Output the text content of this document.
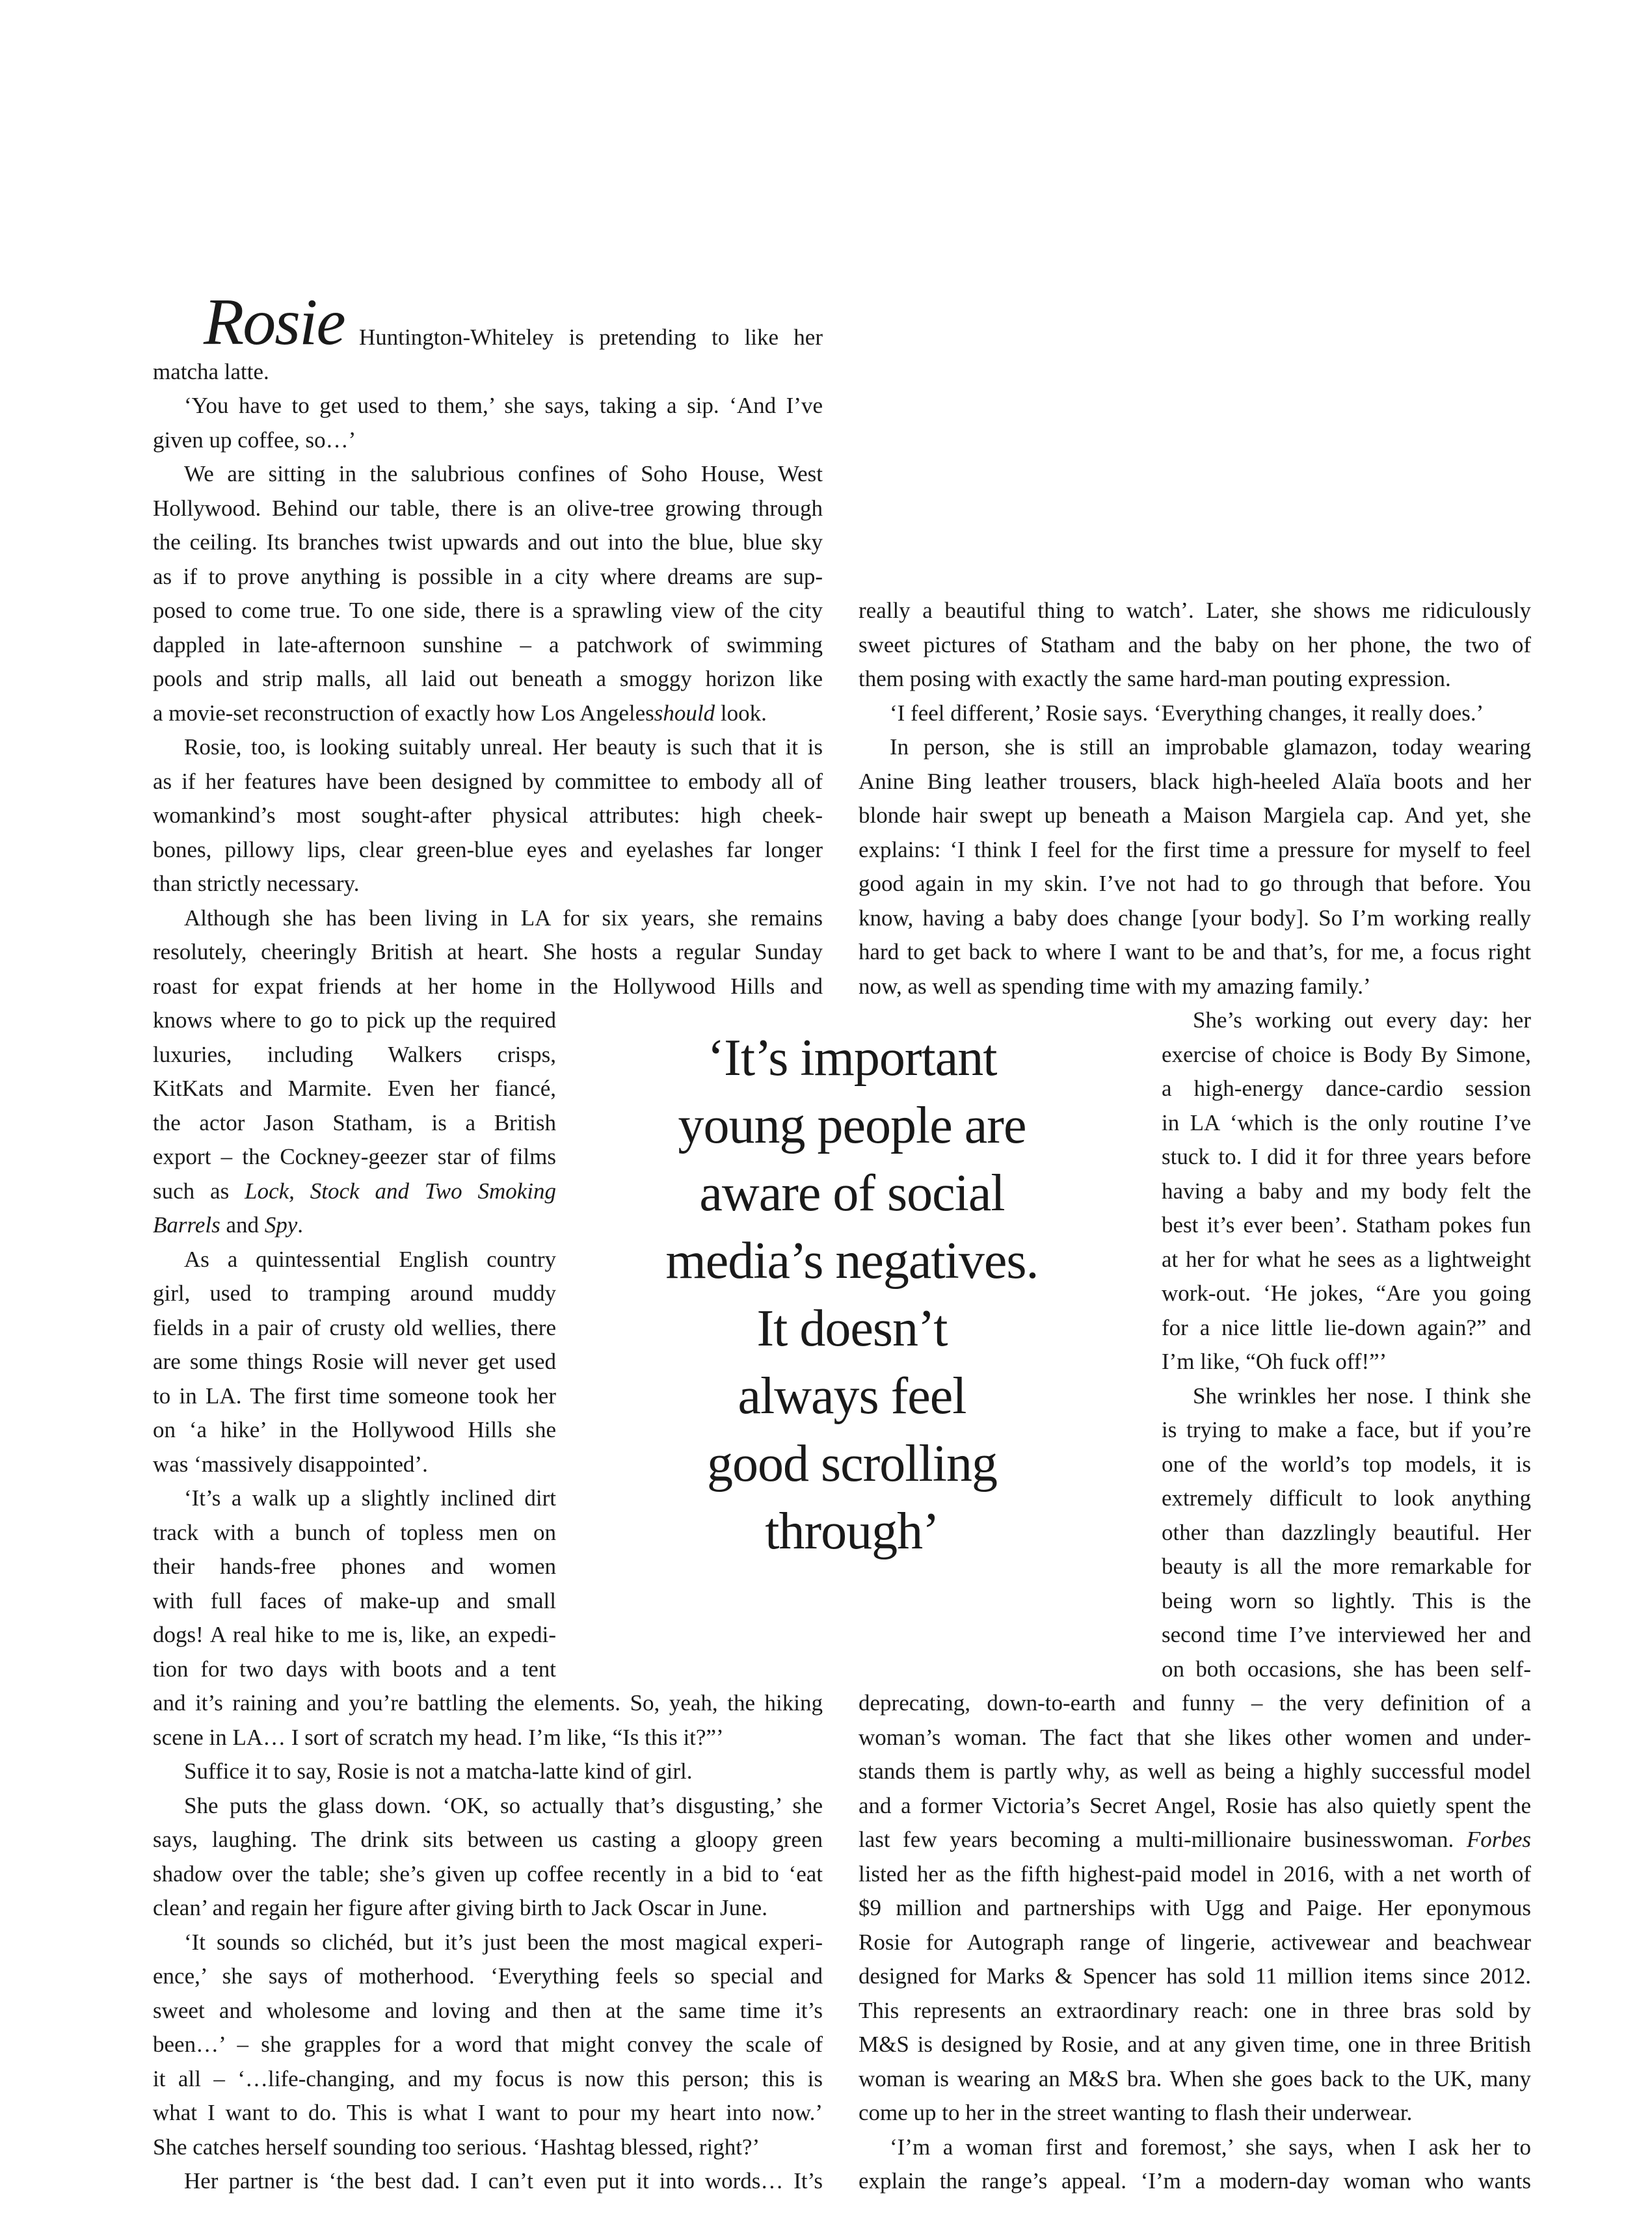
Rosie
‘It’s important
young people are
aware of social
media’s negatives.
It doesn’t
always feel
good scrolling
through’
Huntington-Whiteley is pretending to like her
matcha latte.
‘You have to get used to them,’ she says, taking a sip. ‘And I’ve
given up coffee, so…’
We are sitting in the salubrious confines of Soho House, West
Hollywood. Behind our table, there is an olive-tree growing through
the ceiling. Its branches twist upwards and out into the blue, blue sky
as if to prove anything is possible in a city where dreams are sup-
posed to come true. To one side, there is a sprawling view of the city
dappled in late-afternoon sunshine – a patchwork of swimming
pools and strip malls, all laid out beneath a smoggy horizon like
a movie-set reconstruction of exactly how Los Angelesshould look.
Rosie, too, is looking suitably unreal. Her beauty is such that it is
as if her features have been designed by committee to embody all of
womankind’s most sought-after physical attributes: high cheek-
bones, pillowy lips, clear green-blue eyes and eyelashes far longer
than strictly necessary.
Although she has been living in LA for six years, she remains
resolutely, cheeringly British at heart. She hosts a regular Sunday
roast for expat friends at her home in the Hollywood Hills and
knows where to go to pick up the required
luxuries, including Walkers crisps,
KitKats and Marmite. Even her fiancé,
the actor Jason Statham, is a British
export – the Cockney-geezer star of films
such as Lock, Stock and Two Smoking
Barrels and Spy.
As a quintessential English country
girl, used to tramping around muddy
fields in a pair of crusty old wellies, there
are some things Rosie will never get used
to in LA. The first time someone took her
on ‘a hike’ in the Hollywood Hills she
was ‘massively disappointed’.
‘It’s a walk up a slightly inclined dirt
track with a bunch of topless men on
their hands-free phones and women
with full faces of make-up and small
dogs! A real hike to me is, like, an expedi-
tion for two days with boots and a tent
and it’s raining and you’re battling the elements. So, yeah, the hiking
scene in LA… I sort of scratch my head. I’m like, “Is this it?”’
Suffice it to say, Rosie is not a matcha-latte kind of girl.
She puts the glass down. ‘OK, so actually that’s disgusting,’ she
says, laughing. The drink sits between us casting a gloopy green
shadow over the table; she’s given up coffee recently in a bid to ‘eat
clean’ and regain her figure after giving birth to Jack Oscar in June.
‘It sounds so clichéd, but it’s just been the most magical experi-
ence,’ she says of motherhood. ‘Everything feels so special and
sweet and wholesome and loving and then at the same time it’s
been…’ – she grapples for a word that might convey the scale of
it all – ‘…life-changing, and my focus is now this person; this is
what I want to do. This is what I want to pour my heart into now.’
She catches herself sounding too serious. ‘Hashtag blessed, right?’
Her partner is ‘the best dad. I can’t even put it into words… It’s
really a beautiful thing to watch’. Later, she shows me ridiculously
sweet pictures of Statham and the baby on her phone, the two of
them posing with exactly the same hard-man pouting expression.
‘I feel different,’ Rosie says. ‘Everything changes, it really does.’
In person, she is still an improbable glamazon, today wearing
Anine Bing leather trousers, black high-heeled Alaïa boots and her
blonde hair swept up beneath a Maison Margiela cap. And yet, she
explains: ‘I think I feel for the first time a pressure for myself to feel
good again in my skin. I’ve not had to go through that before. You
know, having a baby does change [your body]. So I’m working really
hard to get back to where I want to be and that’s, for me, a focus right
now, as well as spending time with my amazing family.’
She’s working out every day: her
exercise of choice is Body By Simone,
a high-energy dance-cardio session
in LA ‘which is the only routine I’ve
stuck to. I did it for three years before
having a baby and my body felt the
best it’s ever been’. Statham pokes fun
at her for what he sees as a lightweight
work-out. ‘He jokes, “Are you going
for a nice little lie-down again?” and
I’m like, “Oh fuck off!”’
She wrinkles her nose. I think she
is trying to make a face, but if you’re
one of the world’s top models, it is
extremely difficult to look anything
other than dazzlingly beautiful. Her
beauty is all the more remarkable for
being worn so lightly. This is the
second time I’ve interviewed her and
on both occasions, she has been self-
deprecating, down-to-earth and funny – the very definition of a
woman’s woman. The fact that she likes other women and under-
stands them is partly why, as well as being a highly successful model
and a former Victoria’s Secret Angel, Rosie has also quietly spent the
last few years becoming a multi-millionaire businesswoman. Forbes
listed her as the fifth highest-paid model in 2016, with a net worth of
$9 million and partnerships with Ugg and Paige. Her eponymous
Rosie for Autograph range of lingerie, activewear and beachwear
designed for Marks & Spencer has sold 11 million items since 2012.
This represents an extraordinary reach: one in three bras sold by
M&S is designed by Rosie, and at any given time, one in three British
woman is wearing an M&S bra. When she goes back to the UK, many
come up to her in the street wanting to flash their underwear.
‘I’m a woman first and foremost,’ she says, when I ask her to
explain the range’s appeal. ‘I’m a modern-day woman who wants
